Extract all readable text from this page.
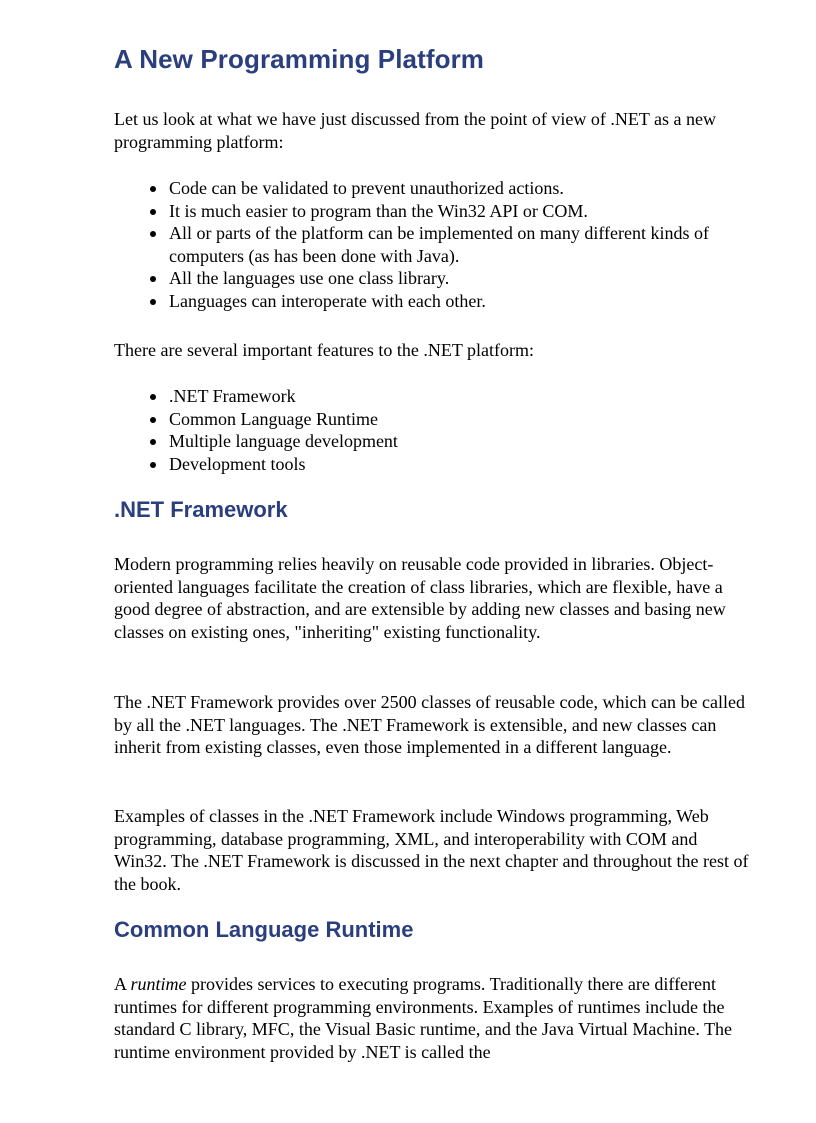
A New Programming Platform

Let us look at what we have just discussed from the point of view of .NET as a new programming platform:

Code can be validated to prevent unauthorized actions.
It is much easier to program than the Win32 API or COM.
All or parts of the platform can be implemented on many different kinds of computers (as has been done with Java).
All the languages use one class library.
Languages can interoperate with each other.

There are several important features to the .NET platform:

.NET Framework
Common Language Runtime
Multiple language development
Development tools
.NET Framework

Modern programming relies heavily on reusable code provided in libraries. Object-oriented languages facilitate the creation of class libraries, which are flexible, have a good degree of abstraction, and are extensible by adding new classes and basing new classes on existing ones, "inheriting" existing functionality.

The .NET Framework provides over 2500 classes of reusable code, which can be called by all the .NET languages. The .NET Framework is extensible, and new classes can inherit from existing classes, even those implemented in a different language.

Examples of classes in the .NET Framework include Windows programming, Web programming, database programming, XML, and interoperability with COM and Win32. The .NET Framework is discussed in the next chapter and throughout the rest of the book.

Common Language Runtime

A runtime provides services to executing programs. Traditionally there are different runtimes for different programming environments. Examples of runtimes include the standard C library, MFC, the Visual Basic runtime, and the Java Virtual Machine. The runtime environment provided by .NET is called the
